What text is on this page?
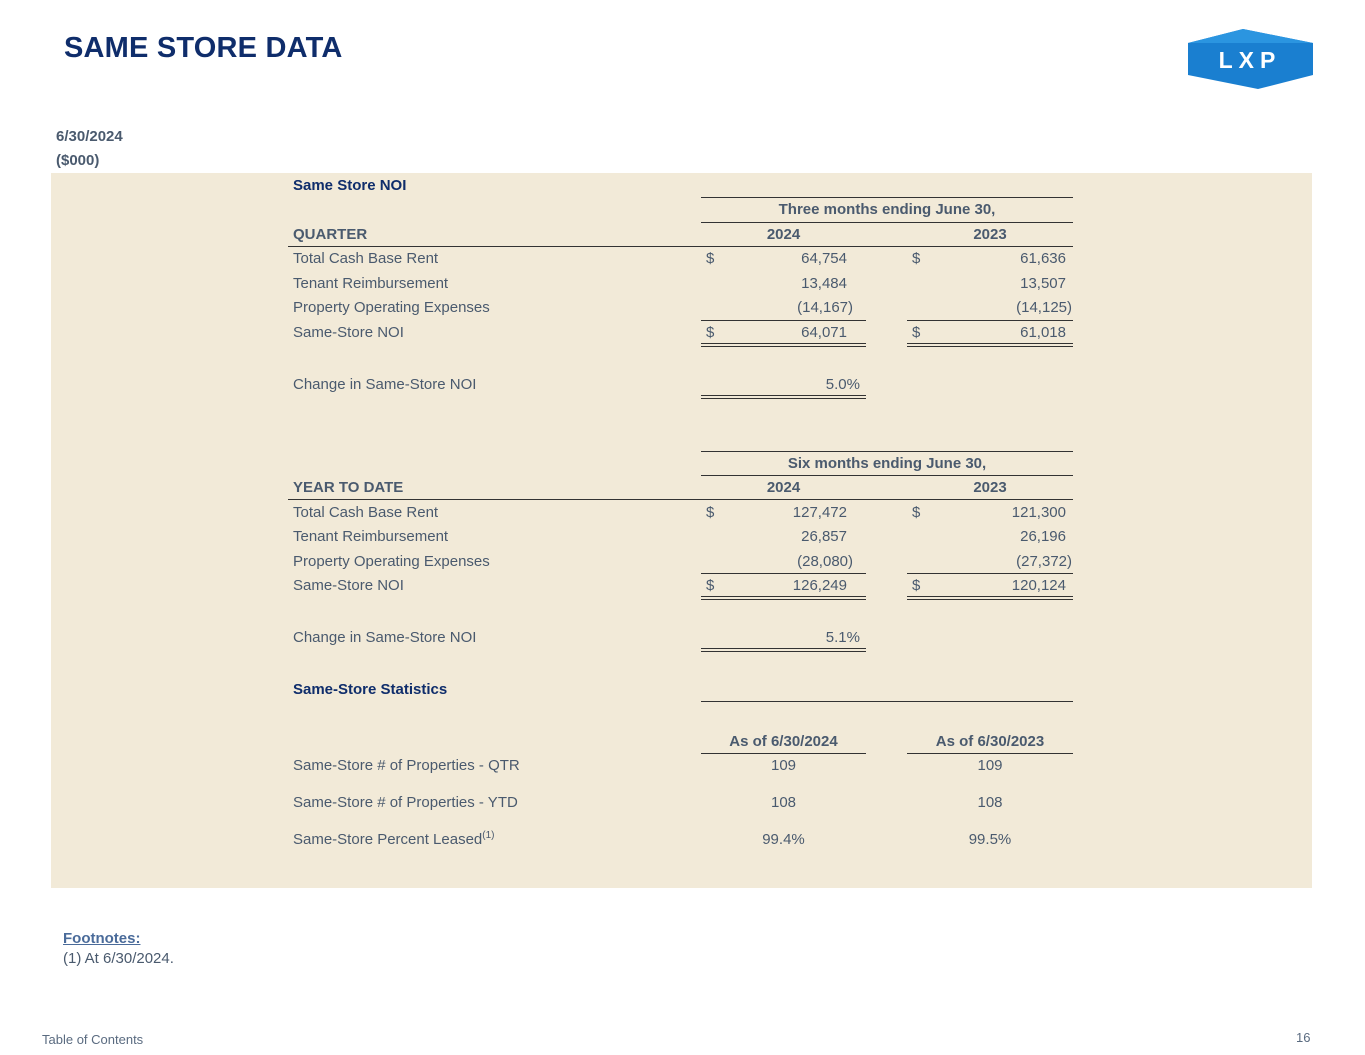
SAME STORE DATA	LXP
6/30/2024
($000)
Same Store NOI
Three months ending June 30,
QUARTER	2024	2023
Total Cash Base Rent	$	64,754	$	61,636
Tenant Reimbursement	13,484	13,507
Property Operating Expenses	(14,167)	(14,125)
Same-Store NOI	$	64,071	$	61,018
Change in Same-Store NOI	5.0%
Six months ending June 30,
YEAR TO DATE	2024	2023
Total Cash Base Rent	$	127,472	$	121,300
Tenant Reimbursement	26,857	26,196
Property Operating Expenses	(28,080)	(27,372)
Same-Store NOI	$	126,249	$	120,124
Change in Same-Store NOI	5.1%
Same-Store Statistics
As of 6/30/2024	As of 6/30/2023
Same-Store # of Properties - QTR	109	109
Same-Store # of Properties - YTD	108	108
Same-Store Percent Leased$^{(1)}$	99.4%	99.5%
Footnotes:
(1) At 6/30/2024.
Table of Contents	16
